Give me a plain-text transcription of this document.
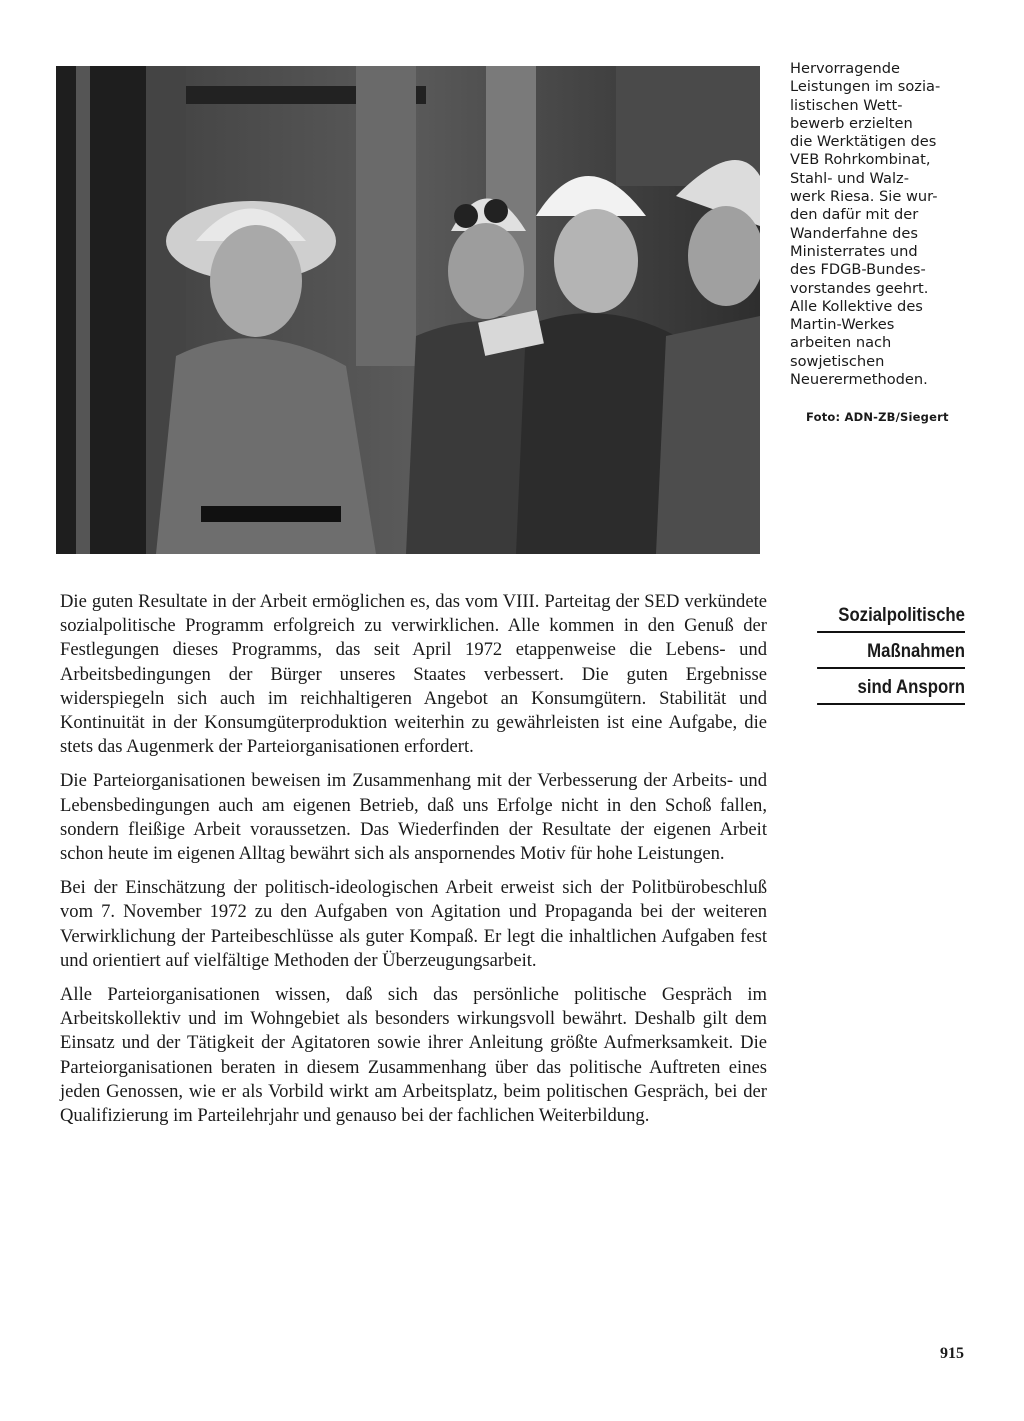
Hervorragende
Leistungen im sozia-
listischen Wett-
bewerb erzielten
die Werktätigen des
VEB Rohrkombinat,
Stahl- und Walz-
werk Riesa. Sie wur-
den dafür mit der
Wanderfahne des
Ministerrates und
des FDGB-Bundes-
vorstandes geehrt.
Alle Kollektive des
Martin-Werkes
arbeiten nach
sowjetischen
Neuerermethoden.
Foto: ADN-ZB/Siegert
Sozialpolitische
Maßnahmen
sind Ansporn

Die guten Resultate in der Arbeit ermöglichen es, das vom VIII. Parteitag der SED verkündete sozialpolitische Programm erfolgreich zu verwirklichen. Alle kommen in den Genuß der Festlegungen dieses Programms, das seit April 1972 etappenweise die Lebens- und Arbeitsbedingungen der Bürger unseres Staates verbessert. Die guten Ergebnisse widerspiegeln sich auch im reichhaltigeren Angebot an Konsumgütern. Stabilität und Kontinuität in der Konsumgüterproduktion weiterhin zu gewährleisten ist eine Aufgabe, die stets das Augenmerk der Parteiorganisationen erfordert.

Die Parteiorganisationen beweisen im Zusammenhang mit der Verbesserung der Arbeits- und Lebensbedingungen auch am eigenen Betrieb, daß uns Erfolge nicht in den Schoß fallen, sondern fleißige Arbeit voraussetzen. Das Wiederfinden der Resultate der eigenen Arbeit schon heute im eigenen Alltag bewährt sich als anspornendes Motiv für hohe Leistungen.

Bei der Einschätzung der politisch-ideologischen Arbeit erweist sich der Politbürobeschluß vom 7. November 1972 zu den Aufgaben von Agitation und Propaganda bei der weiteren Verwirklichung der Parteibeschlüsse als guter Kompaß. Er legt die inhaltlichen Aufgaben fest und orientiert auf vielfältige Methoden der Überzeugungsarbeit.

Alle Parteiorganisationen wissen, daß sich das persönliche politische Gespräch im Arbeitskollektiv und im Wohngebiet als besonders wirkungsvoll bewährt. Deshalb gilt dem Einsatz und der Tätigkeit der Agitatoren sowie ihrer Anleitung größte Aufmerksamkeit. Die Parteiorganisationen beraten in diesem Zusammenhang über das politische Auftreten eines jeden Genossen, wie er als Vorbild wirkt am Arbeitsplatz, beim politischen Gespräch, bei der Qualifizierung im Parteilehrjahr und genauso bei der fachlichen Weiterbildung.

915
